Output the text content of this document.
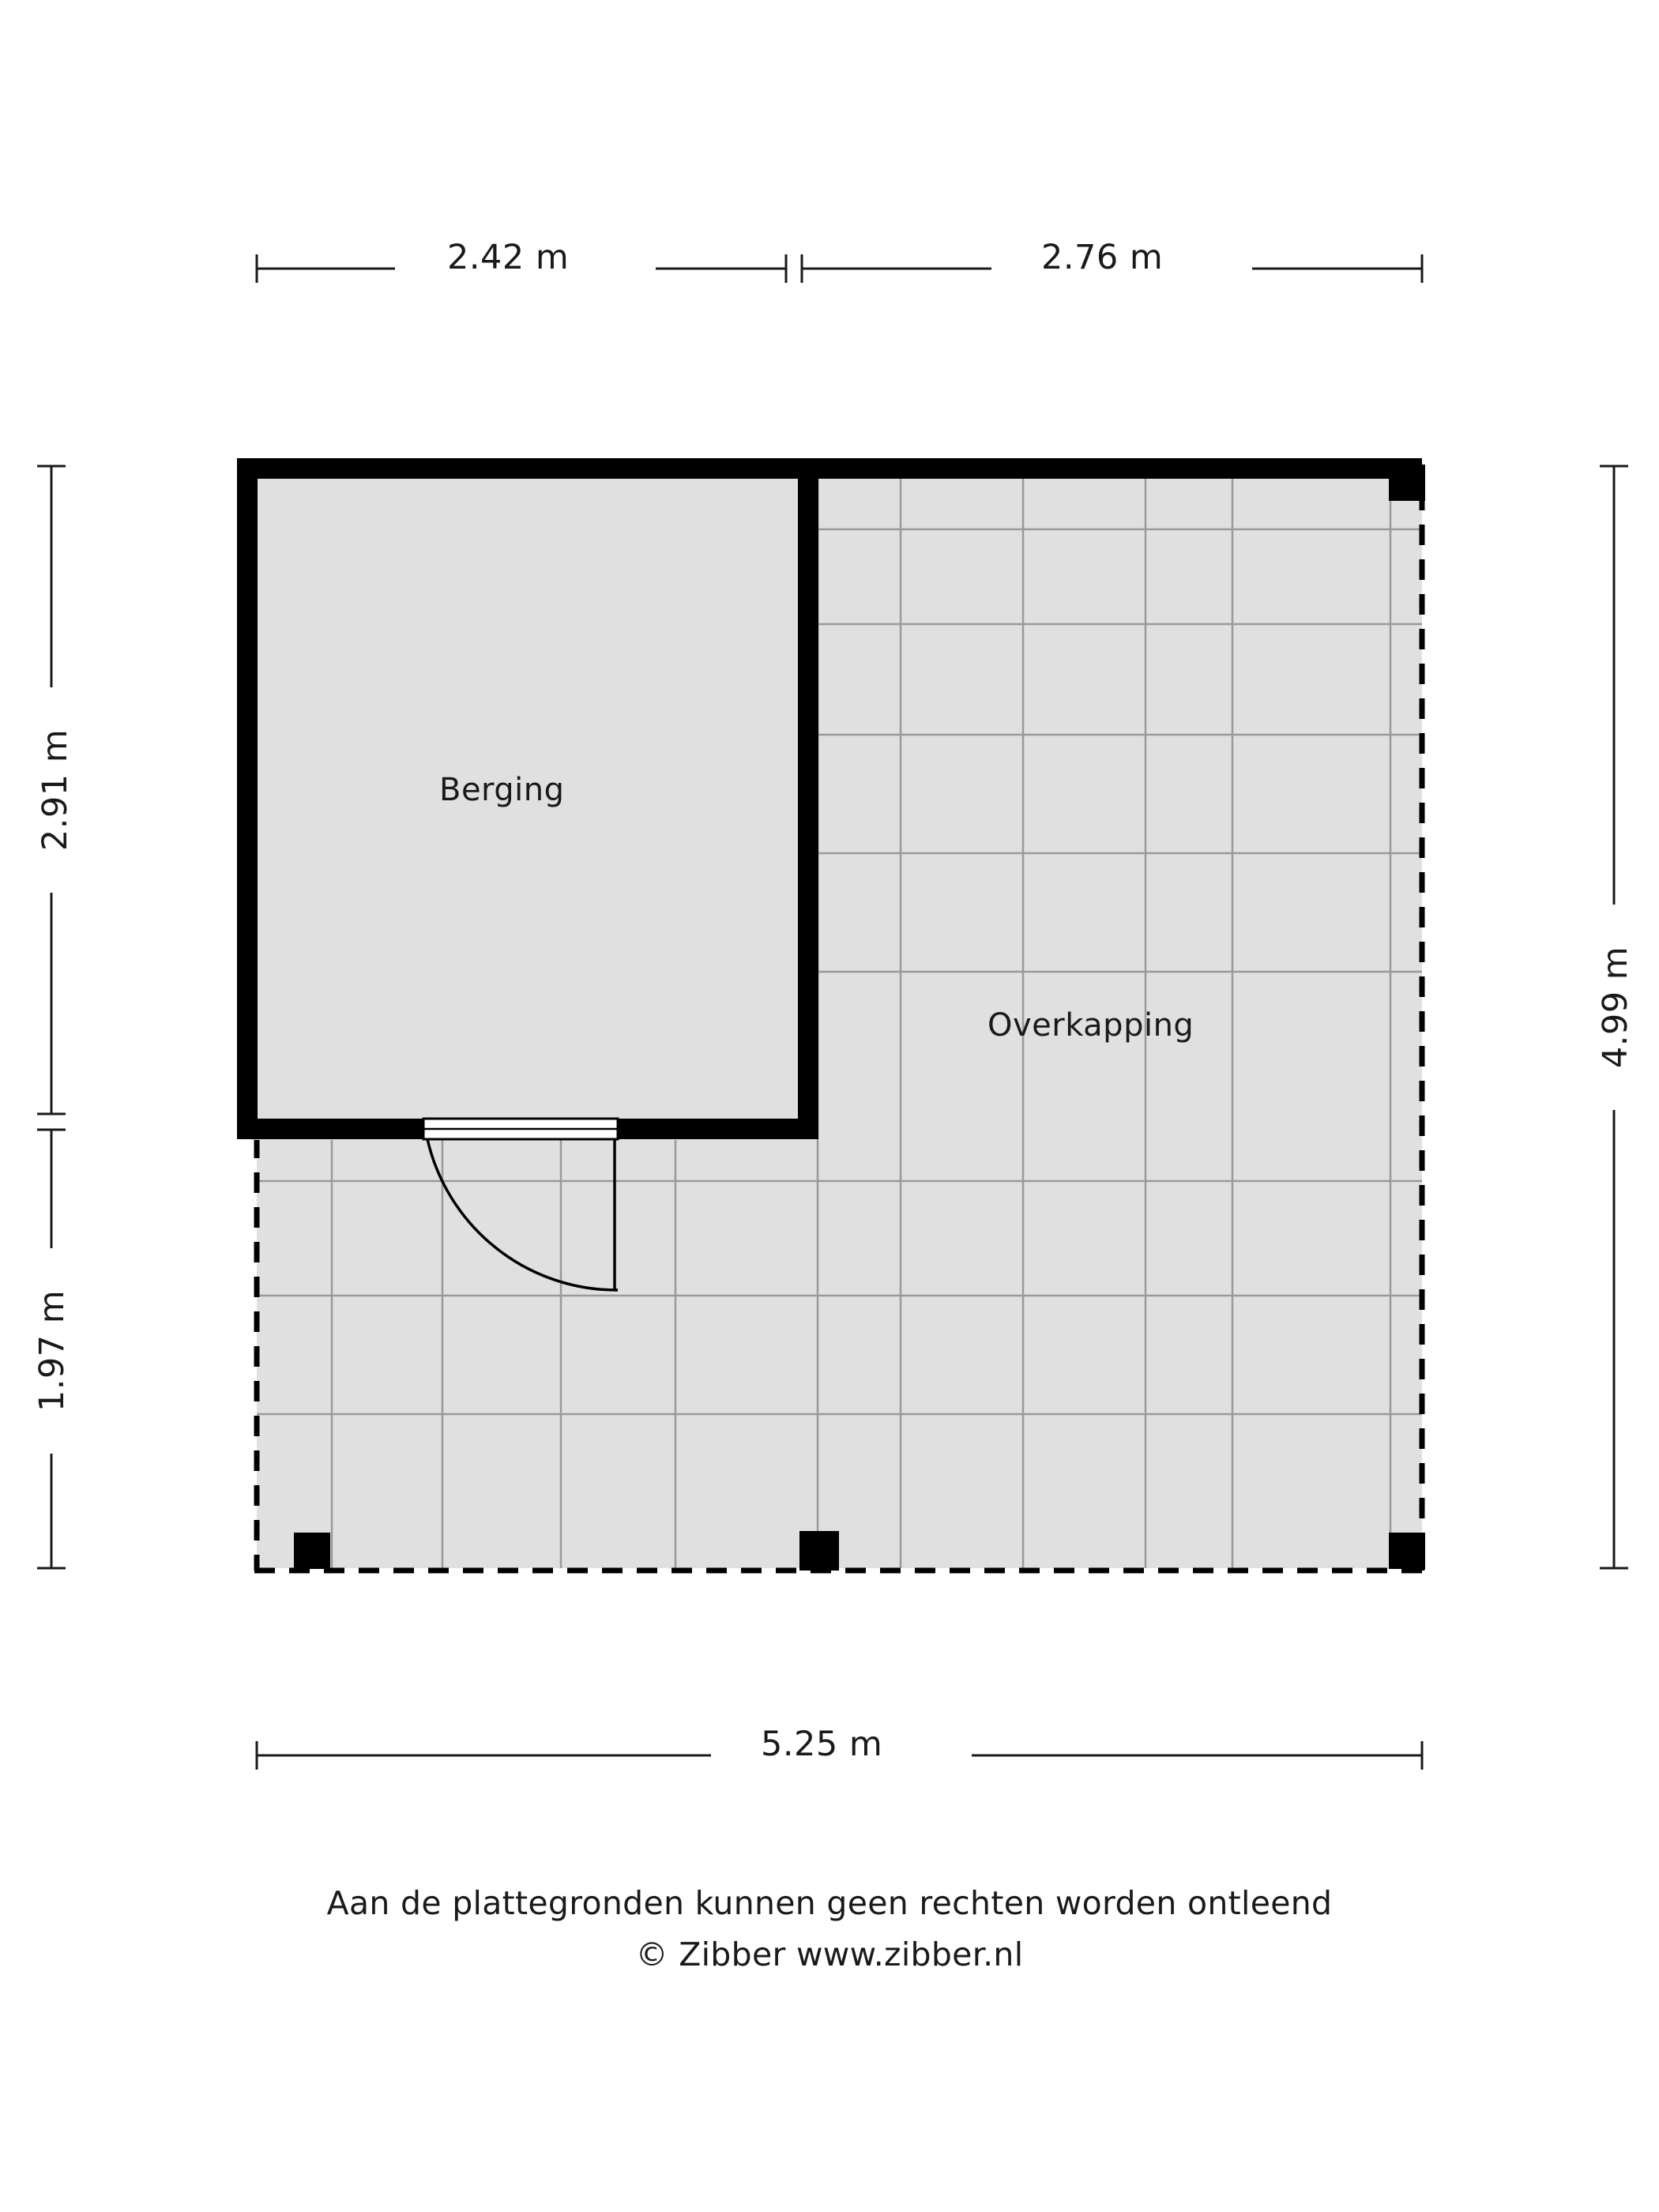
2.42 m	2.76 m
2.91 m
1.97 m
4.99 m
5.25 m
Berging
Overkapping
Aan de plattegronden kunnen geen rechten worden ontleend
© Zibber www.zibber.nl
